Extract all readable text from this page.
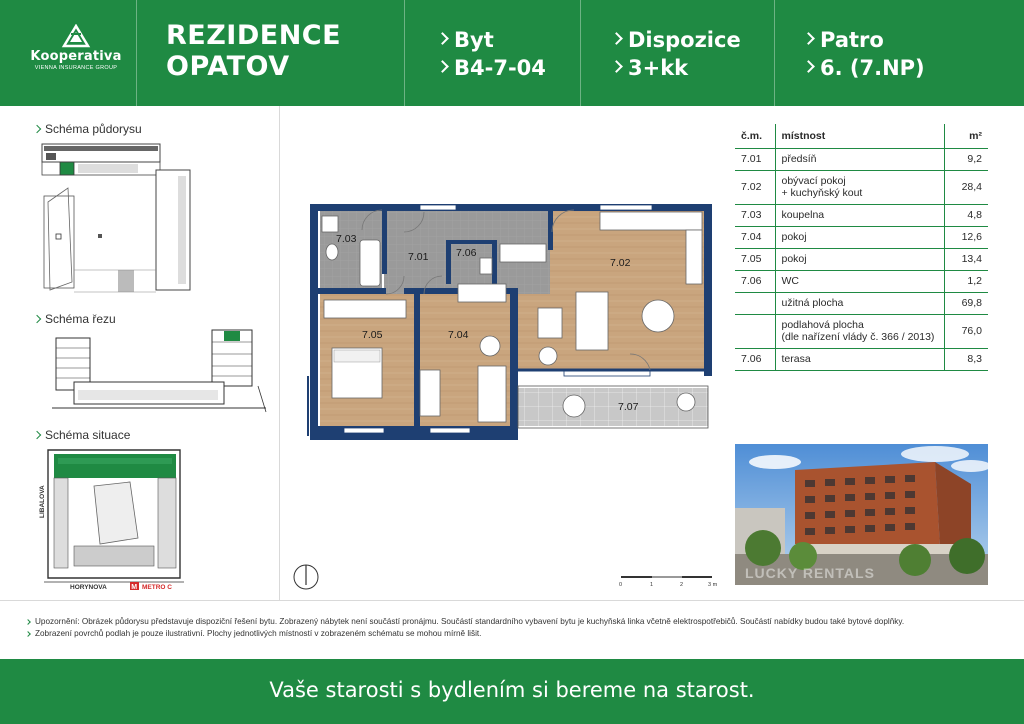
Kooperativa
VIENNA INSURANCE GROUP
REZIDENCE
OPATOV
Byt
B4-7-04
Dispozice
3+kk
Patro
6. (7.NP)
Schéma půdorysu
Schéma řezu
Schéma situace
LIBALOVA
HORYNOVA	METRO C
M
7.03
7.01	7.06
7.02
7.05	7.04
7.07
0	1	2	3 m
č.m.	místnost	m²
7.01	předsíň	9,2
7.02	obývací pokoj
+ kuchyňský kout	28,4
7.03	koupelna	4,8
7.04	pokoj	12,6
7.05	pokoj	13,4
7.06	WC	1,2
	užitná plocha	69,8
	podlahová plocha
(dle nařízení vlády č. 366 / 2013)	76,0
7.06	terasa	8,3
LUCKY RENTALS
Upozornění: Obrázek půdorysu představuje dispoziční řešení bytu. Zobrazený nábytek není součástí pronájmu. Součástí standardního vybavení bytu je kuchyňská linka včetně elektrospotřebičů. Součástí nabídky budou také bytové doplňky.
Zobrazení povrchů podlah je pouze ilustrativní. Plochy jednotlivých místností v zobrazeném schématu se mohou mírně lišit.
Vaše starosti s bydlením si bereme na starost.
